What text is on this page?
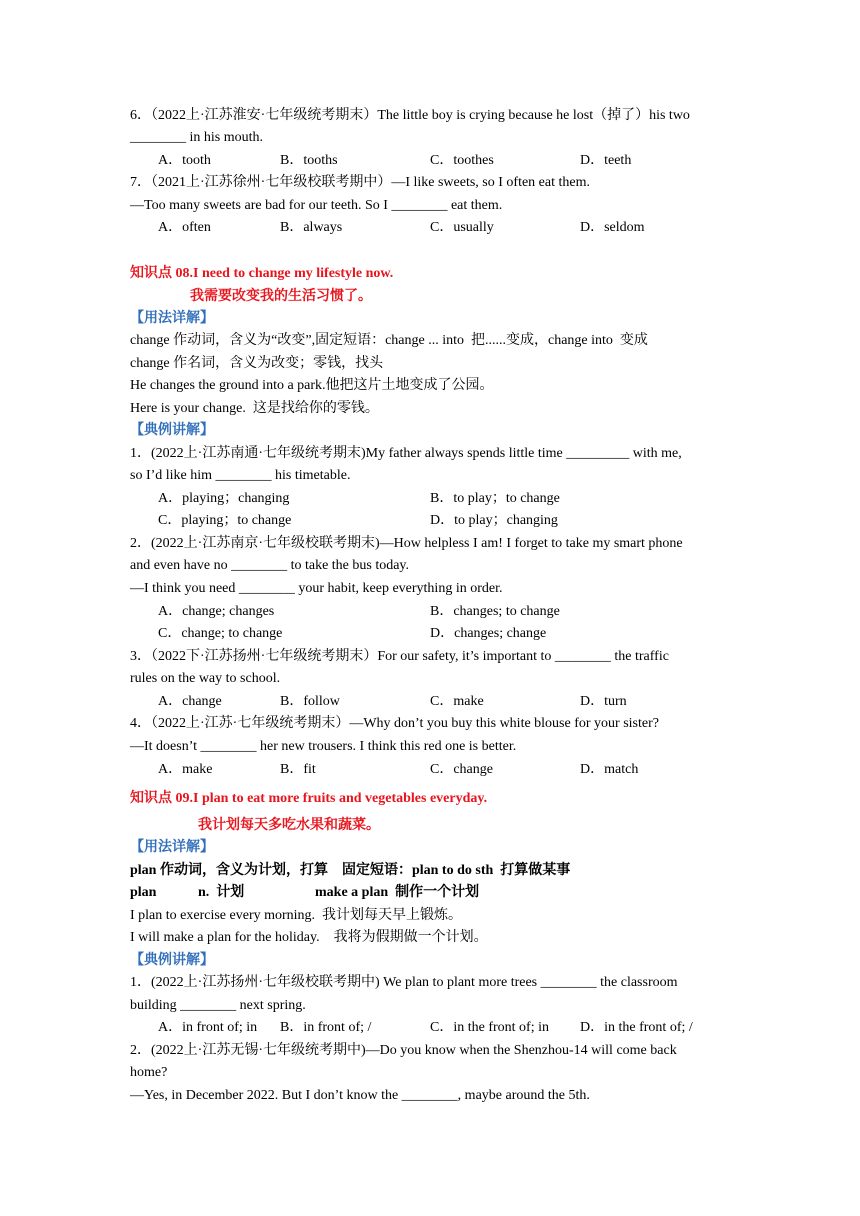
6．（2022上·江苏淮安·七年级统考期末）The little boy is crying because he lost（掉了）his two
________ in his mouth.
A．tooth	B．tooths	C．toothes	D．teeth
7．（2021上·江苏徐州·七年级校联考期中）—I like sweets, so I often eat them.
—Too many sweets are bad for our teeth. So I ________ eat them.
A．often	B．always	C．usually	D．seldom
知识点 08.I need to change my lifestyle now.
我需要改变我的生活习惯了。
【用法详解】
change 作动词，含义为“改变”,固定短语：change ... into  把......变成，change into  变成
change 作名词，含义为改变；零钱，找头
He changes the ground into a park.他把这片土地变成了公园。
Here is your change.  这是找给你的零钱。
【典例讲解】
1．(2022上·江苏南通·七年级统考期末)My father always spends little time _________ with me,
so I’d like him ________ his timetable.
A．playing；changing	B．to play；to change
C．playing；to change	D．to play；changing
2．(2022上·江苏南京·七年级校联考期末)—How helpless I am! I forget to take my smart phone
and even have no ________ to take the bus today.
—I think you need ________ your habit, keep everything in order.
A．change; changes	B．changes; to change
C．change; to change	D．changes; change
3．（2022下·江苏扬州·七年级统考期末）For our safety, it’s important to ________ the traffic
rules on the way to school.
A．change	B．follow	C．make	D．turn
4．（2022上·江苏·七年级统考期末）—Why don’t you buy this white blouse for your sister?
—It doesn’t ________ her new trousers. I think this red one is better.
A．make	B．fit	C．change	D．match
知识点 09.I plan to eat more fruits and vegetables everyday.
我计划每天多吃水果和蔬菜。
【用法详解】
plan 作动词，含义为计划，打算    固定短语：plan to do sth  打算做某事
plan	n.  计划	make a plan  制作一个计划
I plan to exercise every morning.  我计划每天早上锻炼。
I will make a plan for the holiday.    我将为假期做一个计划。
【典例讲解】
1．(2022上·江苏扬州·七年级校联考期中) We plan to plant more trees ________ the classroom
building ________ next spring.
A．in front of; in B．in front of; /	C．in the front of; in D．in the front of; /
2．(2022上·江苏无锡·七年级统考期中)—Do you know when the Shenzhou-14 will come back
home?
—Yes, in December 2022. But I don’t know the ________, maybe around the 5th.
